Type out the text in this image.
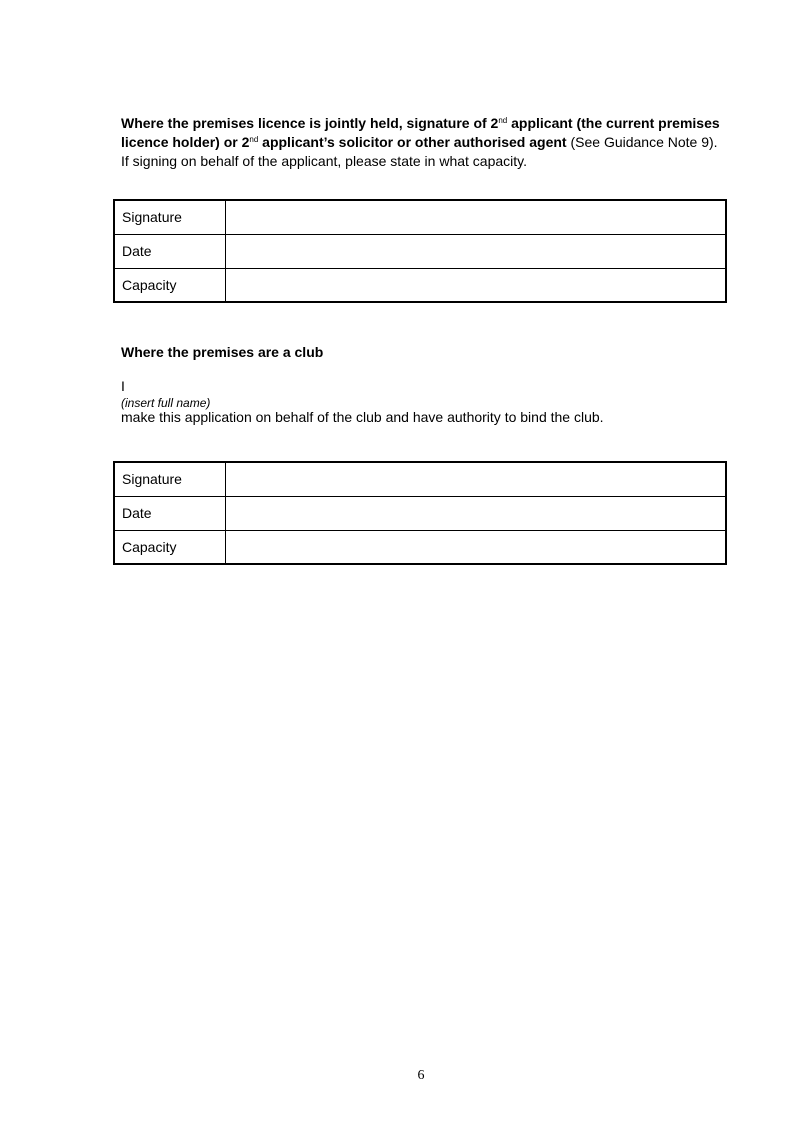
Where the premises licence is jointly held, signature of 2nd applicant (the current premises licence holder) or 2nd applicant’s solicitor or other authorised agent (See Guidance Note 9). If signing on behalf of the applicant, please state in what capacity.
Signature	
Date	
Capacity	
Where the premises are a club
I
(insert full name)
make this application on behalf of the club and have authority to bind the club.
Signature	
Date	
Capacity	
6
